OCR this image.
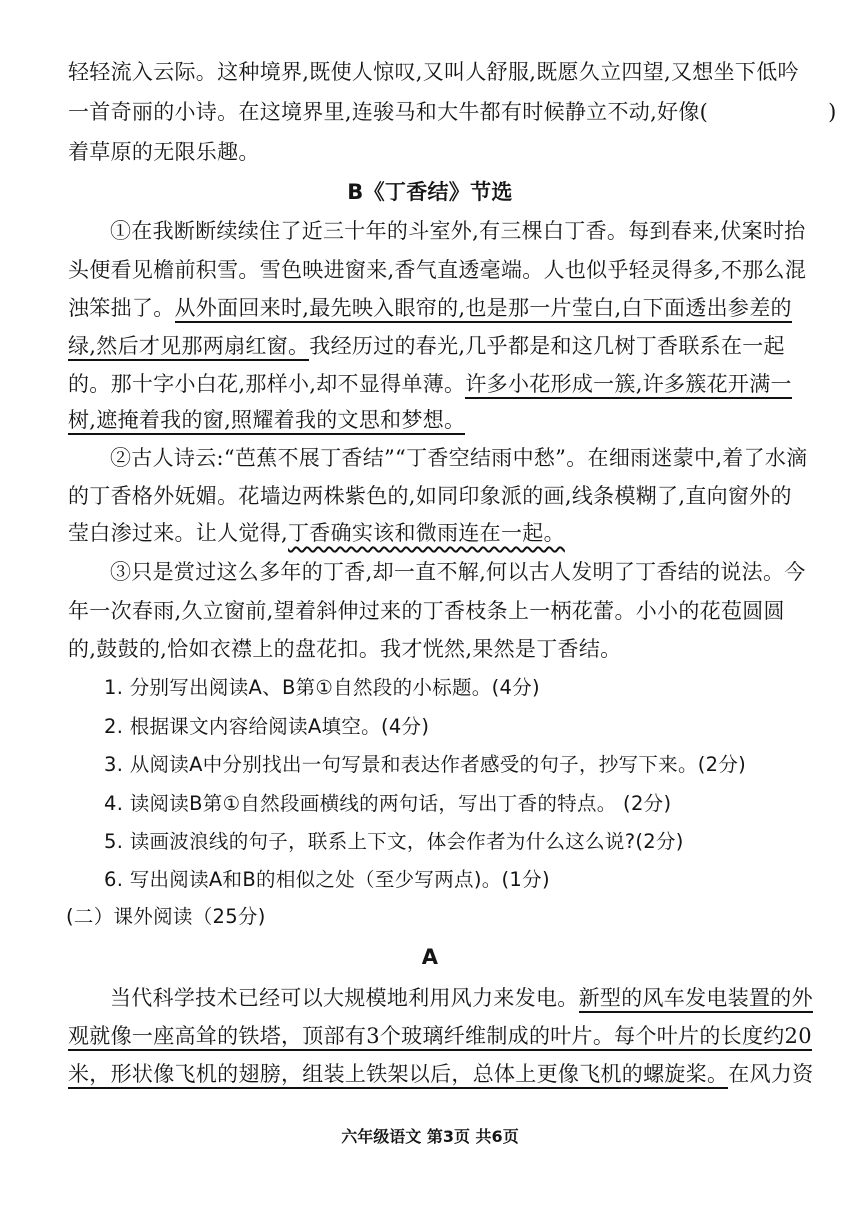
轻轻流入云际。这种境界,既使人惊叹,又叫人舒服,既愿久立四望,又想坐下低吟
一首奇丽的小诗。在这境界里,连骏马和大牛都有时候静立不动,好像(	)
着草原的无限乐趣。
B《丁香结》节选
①在我断断续续住了近三十年的斗室外,有三棵白丁香。每到春来,伏案时抬
头便看见檐前积雪。雪色映进窗来,香气直透毫端。人也似乎轻灵得多,不那么混
浊笨拙了。从外面回来时,最先映入眼帘的,也是那一片莹白,白下面透出参差的
绿,然后才见那两扇红窗。我经历过的春光,几乎都是和这几树丁香联系在一起
的。那十字小白花,那样小,却不显得单薄。许多小花形成一簇,许多簇花开满一
树,遮掩着我的窗,照耀着我的文思和梦想。
②古人诗云:“芭蕉不展丁香结”“丁香空结雨中愁”。在细雨迷蒙中,着了水滴
的丁香格外妩媚。花墙边两株紫色的,如同印象派的画,线条模糊了,直向窗外的
莹白渗过来。让人觉得,丁香确实该和微雨连在一起。
③只是赏过这么多年的丁香,却一直不解,何以古人发明了丁香结的说法。今
年一次春雨,久立窗前,望着斜伸过来的丁香枝条上一柄花蕾。小小的花苞圆圆
的,鼓鼓的,恰如衣襟上的盘花扣。我才恍然,果然是丁香结。
1. 分别写出阅读A、B第①自然段的小标题。(4分)
2. 根据课文内容给阅读A填空。(4分)
3. 从阅读A中分别找出一句写景和表达作者感受的句子，抄写下来。(2分)
4. 读阅读B第①自然段画横线的两句话，写出丁香的特点。 (2分)
5. 读画波浪线的句子，联系上下文，体会作者为什么这么说?(2分)
6. 写出阅读A和B的相似之处（至少写两点)。(1分)
(二）课外阅读（25分)
A
当代科学技术已经可以大规模地利用风力来发电。新型的风车发电装置的外
观就像一座高耸的铁塔，顶部有3个玻璃纤维制成的叶片。每个叶片的长度约20
米，形状像飞机的翅膀，组装上铁架以后，总体上更像飞机的螺旋桨。在风力资
六年级语文 第3页 共6页
